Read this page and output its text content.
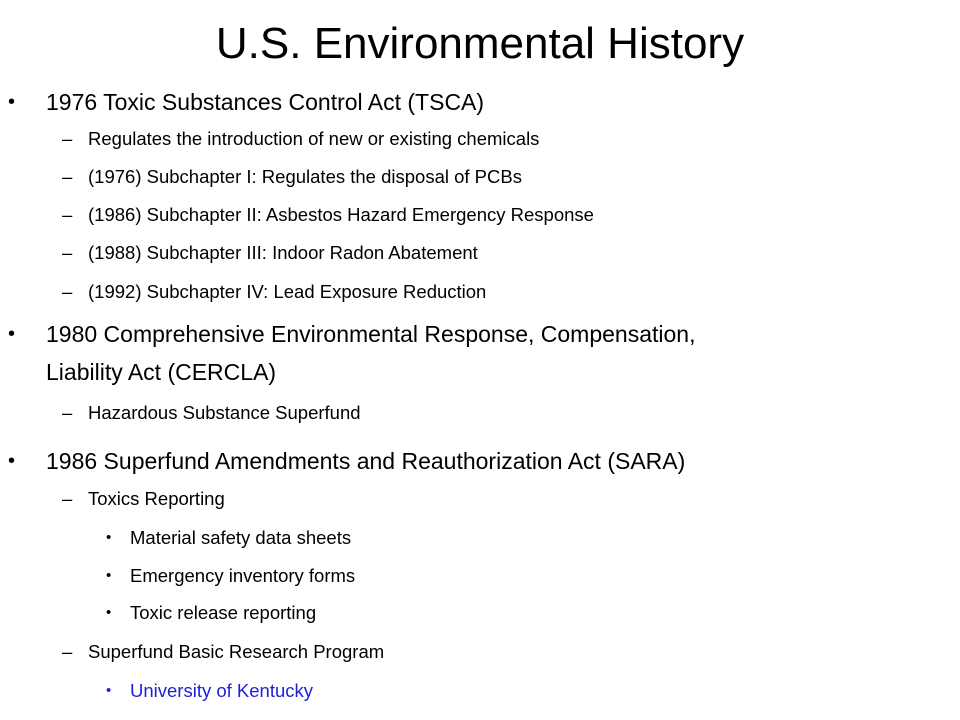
U.S. Environmental History
• 1976 Toxic Substances Control Act (TSCA)
– Regulates the introduction of new or existing chemicals
– (1976) Subchapter I: Regulates the disposal of PCBs
– (1986) Subchapter II: Asbestos Hazard Emergency Response
– (1988) Subchapter III: Indoor Radon Abatement
– (1992) Subchapter IV: Lead Exposure Reduction
• 1980 Comprehensive Environmental Response, Compensation,
Liability Act (CERCLA)
– Hazardous Substance Superfund
• 1986 Superfund Amendments and Reauthorization Act (SARA)
– Toxics Reporting
• Material safety data sheets
• Emergency inventory forms
• Toxic release reporting
– Superfund Basic Research Program
• University of Kentucky
